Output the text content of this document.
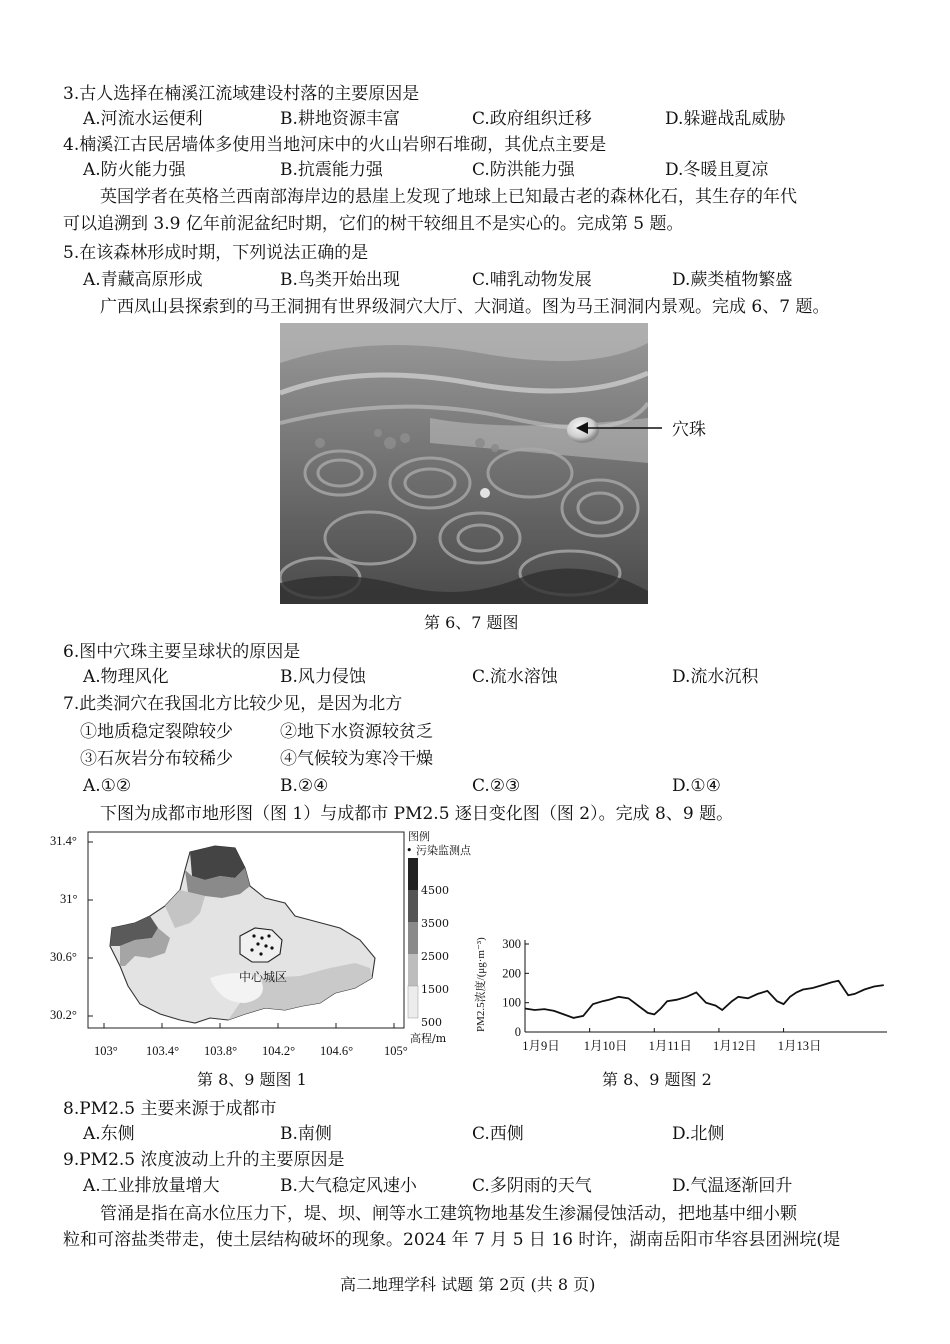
3.古人选择在楠溪江流域建设村落的主要原因是
A.河流水运便利	B.耕地资源丰富	C.政府组织迁移	D.躲避战乱威胁
4.楠溪江古民居墙体多使用当地河床中的火山岩卵石堆砌，其优点主要是
A.防火能力强	B.抗震能力强	C.防洪能力强	D.冬暖且夏凉
英国学者在英格兰西南部海岸边的悬崖上发现了地球上已知最古老的森林化石，其生存的年代
可以追溯到 3.9 亿年前泥盆纪时期，它们的树干较细且不是实心的。完成第 5 题。
5.在该森林形成时期，下列说法正确的是
A.青藏高原形成	B.鸟类开始出现	C.哺乳动物发展	D.蕨类植物繁盛
广西凤山县探索到的马王洞拥有世界级洞穴大厅、大洞道。图为马王洞洞内景观。完成 6、7 题。
穴珠
第 6、7 题图
6.图中穴珠主要呈球状的原因是
A.物理风化	B.风力侵蚀	C.流水溶蚀	D.流水沉积
7.此类洞穴在我国北方比较少见，是因为北方
①地质稳定裂隙较少	②地下水资源较贫乏
③石灰岩分布较稀少	④气候较为寒冷干燥
A.①②	B.②④	C.②③	D.①④
下图为成都市地形图（图 1）与成都市 PM2.5 逐日变化图（图 2）。完成 8、9 题。
31.4°
31°
30.6°
30.2°
103° 103.4° 103.8° 104.2° 104.6° 105°
图例
• 污染监测点
4500
3500
2500
1500
500
高程/m
中心城区
第 8、9 题图 1
0
100
200
300
1月9日 1月10日 1月11日 1月12日 1月13日
PM2.5浓度/(μg·m⁻³)
第 8、9 题图 2
8.PM2.5 主要来源于成都市
A.东侧	B.南侧	C.西侧	D.北侧
9.PM2.5 浓度波动上升的主要原因是
A.工业排放量增大	B.大气稳定风速小	C.多阴雨的天气	D.气温逐渐回升
管涌是指在高水位压力下，堤、坝、闸等水工建筑物地基发生渗漏侵蚀活动，把地基中细小颗
粒和可溶盐类带走，使土层结构破坏的现象。2024 年 7 月 5 日 16 时许，湖南岳阳市华容县团洲垸(堤
高二地理学科 试题 第 2页 (共 8 页)
